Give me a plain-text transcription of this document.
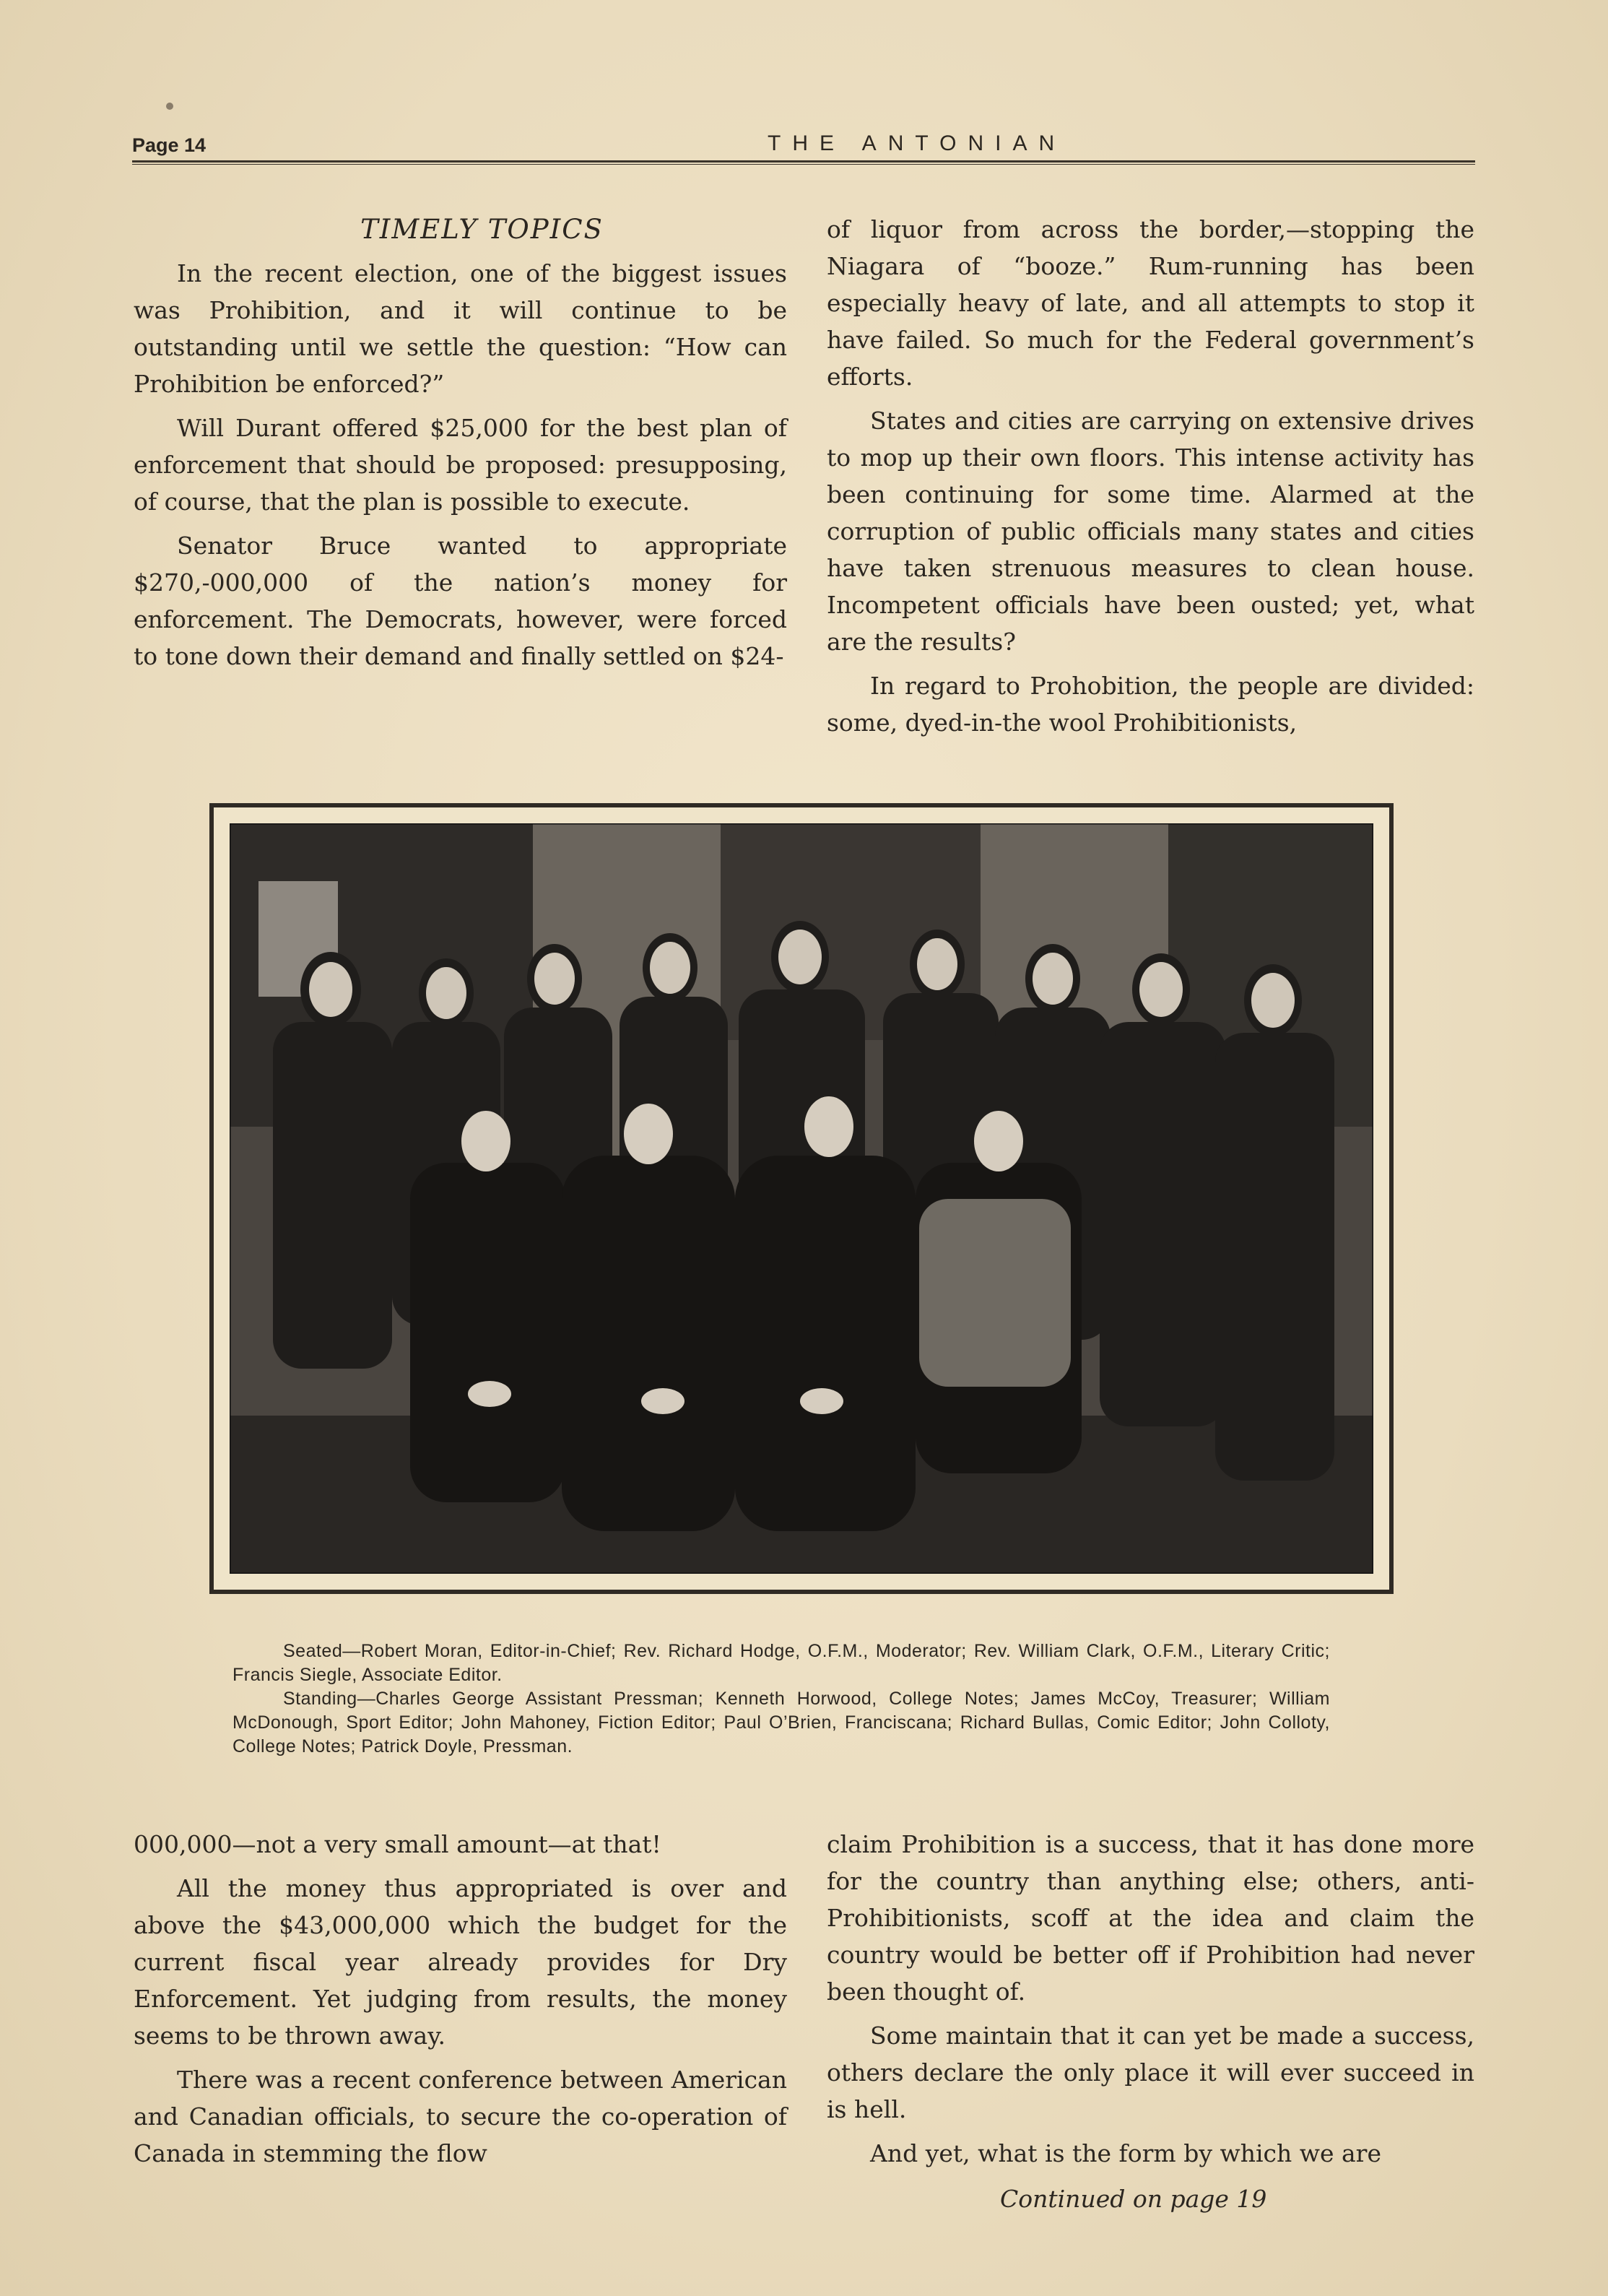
Page 14	THE ANTONIAN

TIMELY TOPICS

In the recent election, one of the biggest issues was Prohibition, and it will continue to be outstanding until we settle the question: “How can Prohibition be enforced?”

Will Durant offered $25,000 for the best plan of enforcement that should be proposed: presupposing, of course, that the plan is possible to execute.

Senator Bruce wanted to appropriate $270,-000,000 of the nation’s money for enforcement. The Democrats, however, were forced to tone down their demand and finally settled on $24-

of liquor from across the border,—stopping the Niagara of “booze.” Rum-running has been especially heavy of late, and all attempts to stop it have failed. So much for the Federal government’s efforts.

States and cities are carrying on extensive drives to mop up their own floors. This intense activity has been continuing for some time. Alarmed at the corruption of public officials many states and cities have taken strenuous measures to clean house. Incompetent officials have been ousted; yet, what are the results?

In regard to Prohobition, the people are divided: some, dyed-in-the wool Prohibitionists,

Seated—Robert Moran, Editor-in-Chief; Rev. Richard Hodge, O.F.M., Moderator; Rev. William Clark, O.F.M., Literary Critic; Francis Siegle, Associate Editor.

Standing—Charles George Assistant Pressman; Kenneth Horwood, College Notes; James McCoy, Treasurer; William McDonough, Sport Editor; John Mahoney, Fiction Editor; Paul O’Brien, Franciscana; Richard Bullas, Comic Editor; John Colloty, College Notes; Patrick Doyle, Pressman.

000,000—not a very small amount—at that!

All the money thus appropriated is over and above the $43,000,000 which the budget for the current fiscal year already provides for Dry Enforcement. Yet judging from results, the money seems to be thrown away.

There was a recent conference between American and Canadian officials, to secure the co-operation of Canada in stemming the flow

claim Prohibition is a success, that it has done more for the country than anything else; others, anti-Prohibitionists, scoff at the idea and claim the country would be better off if Prohibition had never been thought of.

Some maintain that it can yet be made a success, others declare the only place it will ever succeed in is hell.

And yet, what is the form by which we are

Continued on page 19
